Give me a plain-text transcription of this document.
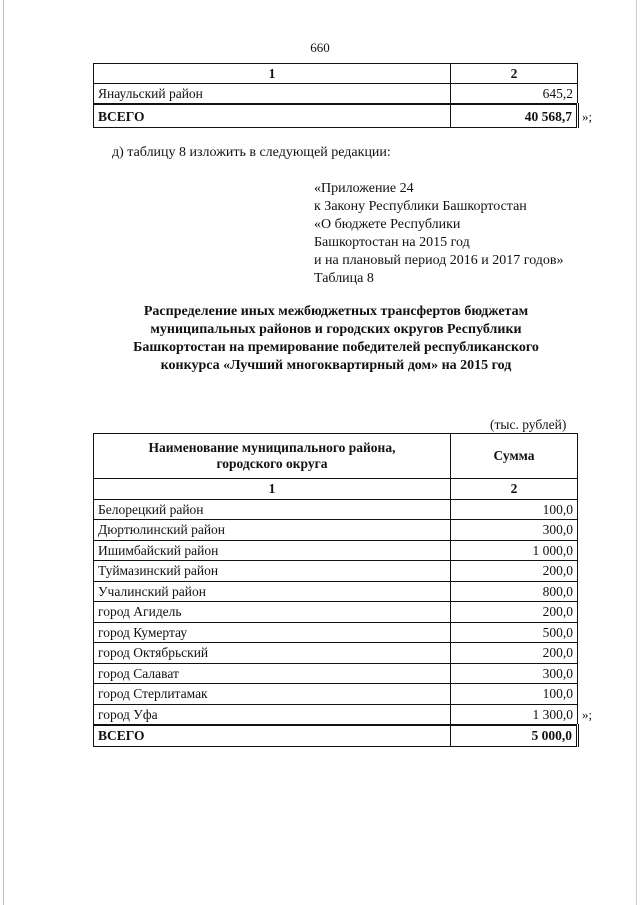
660
1	2
Янаульский район	645,2
ВСЕГО	40 568,7 »;
д) таблицу 8 изложить в следующей редакции:
«Приложение 24
к Закону Республики Башкортостан
«О бюджете Республики
Башкортостан на 2015 год
и на плановый период 2016 и 2017 годов»
Таблица 8
Распределение иных межбюджетных трансфертов бюджетам
муниципальных районов и городских округов Республики
Башкортостан на премирование победителей республиканского
конкурса «Лучший многоквартирный дом» на 2015 год
(тыс. рублей)
Наименование муниципального района,
городского округа	Сумма
1	2
Белорецкий район	100,0
Дюртюлинский район	300,0
Ишимбайский район	1 000,0
Туймазинский район	200,0
Учалинский район	800,0
город Агидель	200,0
город Кумертау	500,0
город Октябрьский	200,0
город Салават	300,0
город Стерлитамак	100,0
город Уфа	1 300,0
ВСЕГО	5 000,0
»;
